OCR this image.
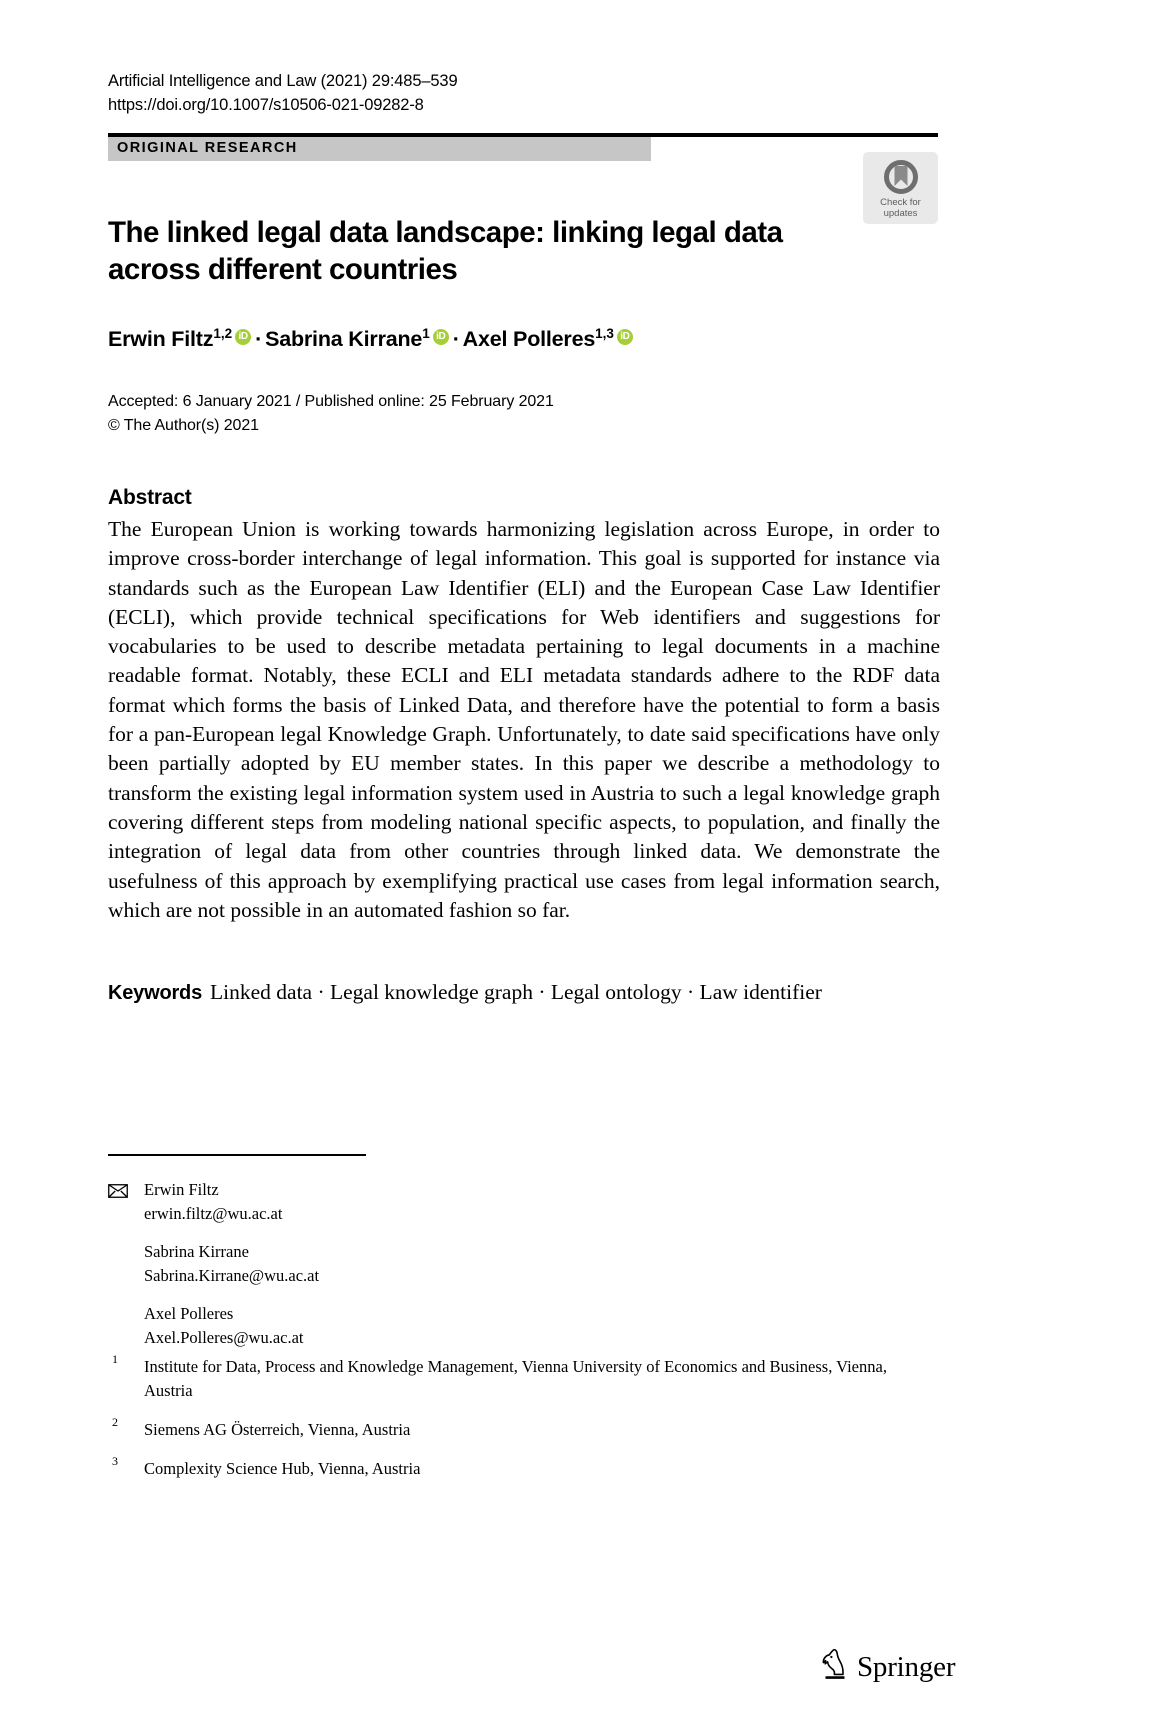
Artificial Intelligence and Law (2021) 29:485–539
https://doi.org/10.1007/s10506-021-09282-8
ORIGINAL RESEARCH
Check for
updates
The linked legal data landscape: linking legal data across different countries
Erwin Filtz$^{1,2}$ iD · Sabrina Kirrane$^1$ iD · Axel Polleres$^{1,3}$ iD
Accepted: 6 January 2021 / Published online: 25 February 2021
© The Author(s) 2021
Abstract
The European Union is working towards harmonizing legislation across Europe, in order to improve cross-border interchange of legal information. This goal is supported for instance via standards such as the European Law Identifier (ELI) and the European Case Law Identifier (ECLI), which provide technical specifications for Web identifiers and suggestions for vocabularies to be used to describe metadata pertaining to legal documents in a machine readable format. Notably, these ECLI and ELI metadata standards adhere to the RDF data format which forms the basis of Linked Data, and therefore have the potential to form a basis for a pan-European legal Knowledge Graph. Unfortunately, to date said specifications have only been partially adopted by EU member states. In this paper we describe a methodology to transform the existing legal information system used in Austria to such a legal knowledge graph covering different steps from modeling national specific aspects, to population, and finally the integration of legal data from other countries through linked data. We demonstrate the usefulness of this approach by exemplifying practical use cases from legal information search, which are not possible in an automated fashion so far.
Keywords Linked data · Legal knowledge graph · Legal ontology · Law identifier
Erwin Filtz
erwin.filtz@wu.ac.at
Sabrina Kirrane
Sabrina.Kirrane@wu.ac.at
Axel Polleres
Axel.Polleres@wu.ac.at
1 Institute for Data, Process and Knowledge Management, Vienna University of Economics and Business, Vienna, Austria
2 Siemens AG Österreich, Vienna, Austria
3 Complexity Science Hub, Vienna, Austria
Springer
